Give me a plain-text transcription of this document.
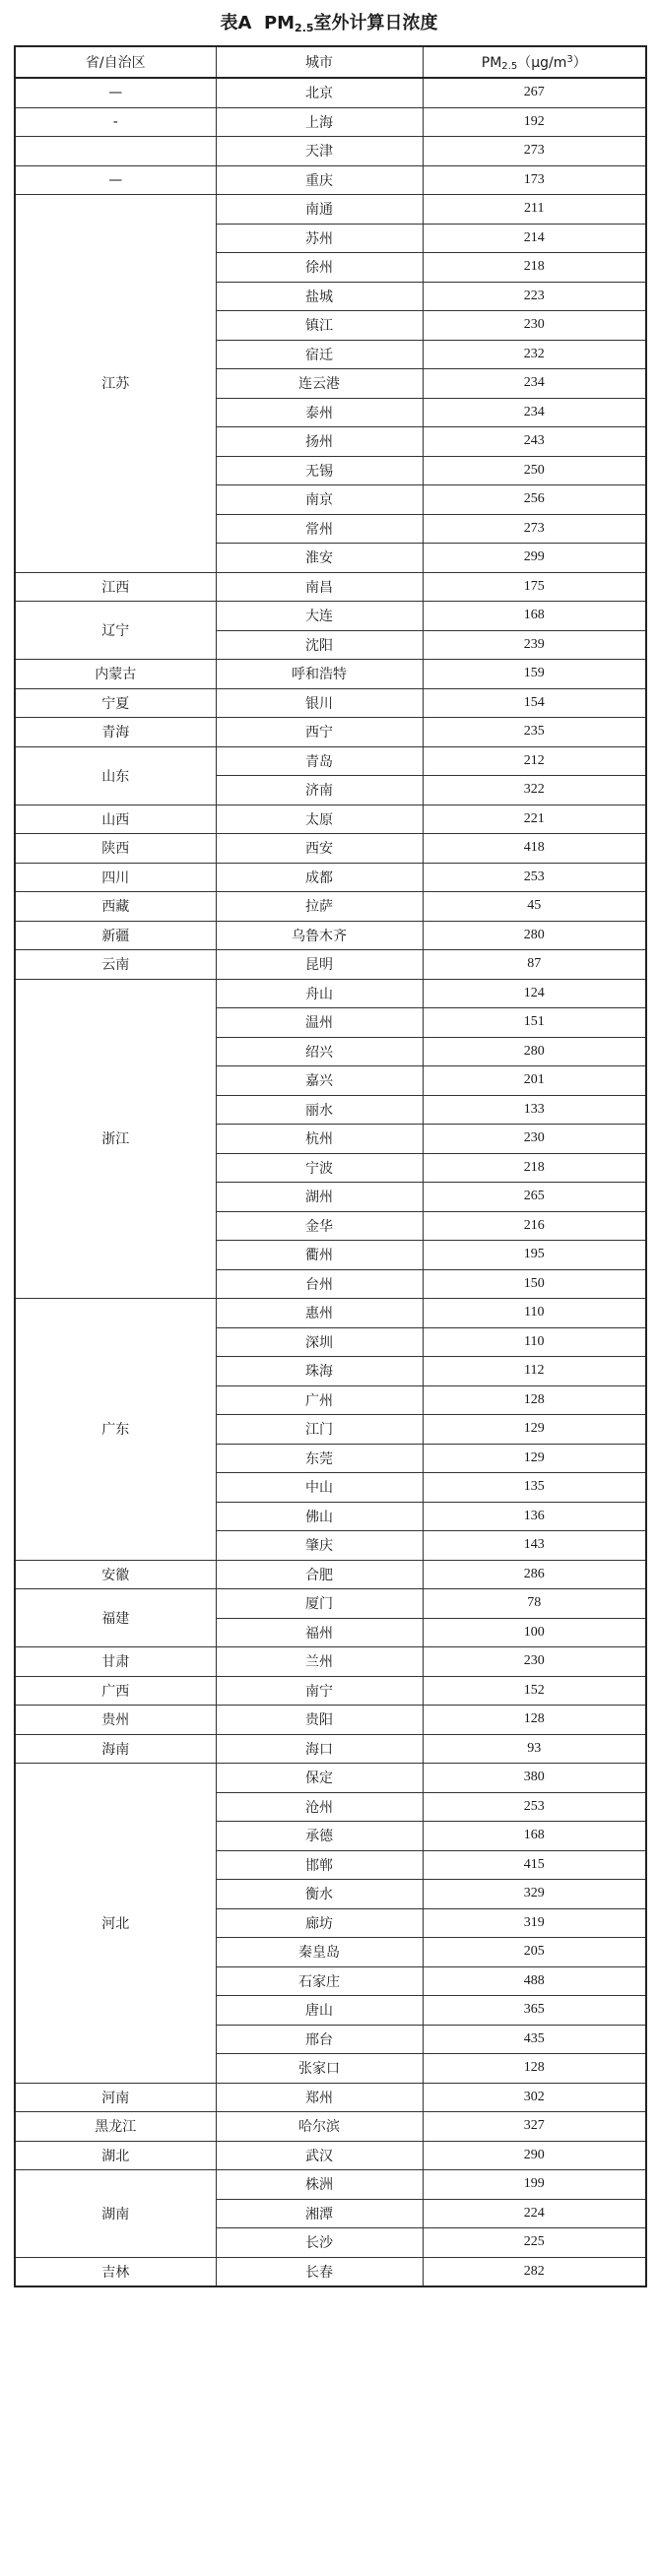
表A $PM_{2.5}$室外计算日浓度
省/自治区	城市	$PM_{2.5}(\mu g/m^3)$
—	北京	267
-	上海	192
	天津	273
—	重庆	173
江苏	南通	211
	苏州	214
	徐州	218
	盐城	223
	镇江	230
	宿迁	232
	连云港	234
	泰州	234
	扬州	243
	无锡	250
	南京	256
	常州	273
	淮安	299
江西	南昌	175
辽宁	大连	168
	沈阳	239
内蒙古	呼和浩特	159
宁夏	银川	154
青海	西宁	235
山东	青岛	212
	济南	322
山西	太原	221
陕西	西安	418
四川	成都	253
西藏	拉萨	45
新疆	乌鲁木齐	280
云南	昆明	87
浙江	舟山	124
	温州	151
	绍兴	280
	嘉兴	201
	丽水	133
	杭州	230
	宁波	218
	湖州	265
	金华	216
	衢州	195
	台州	150
广东	惠州	110
	深圳	110
	珠海	112
	广州	128
	江门	129
	东莞	129
	中山	135
	佛山	136
	肇庆	143
安徽	合肥	286
福建	厦门	78
	福州	100
甘肃	兰州	230
广西	南宁	152
贵州	贵阳	128
海南	海口	93
河北	保定	380
	沧州	253
	承德	168
	邯郸	415
	衡水	329
	廊坊	319
	秦皇岛	205
	石家庄	488
	唐山	365
	邢台	435
	张家口	128
河南	郑州	302
黑龙江	哈尔滨	327
湖北	武汉	290
湖南	株洲	199
	湘潭	224
	长沙	225
吉林	长春	282
